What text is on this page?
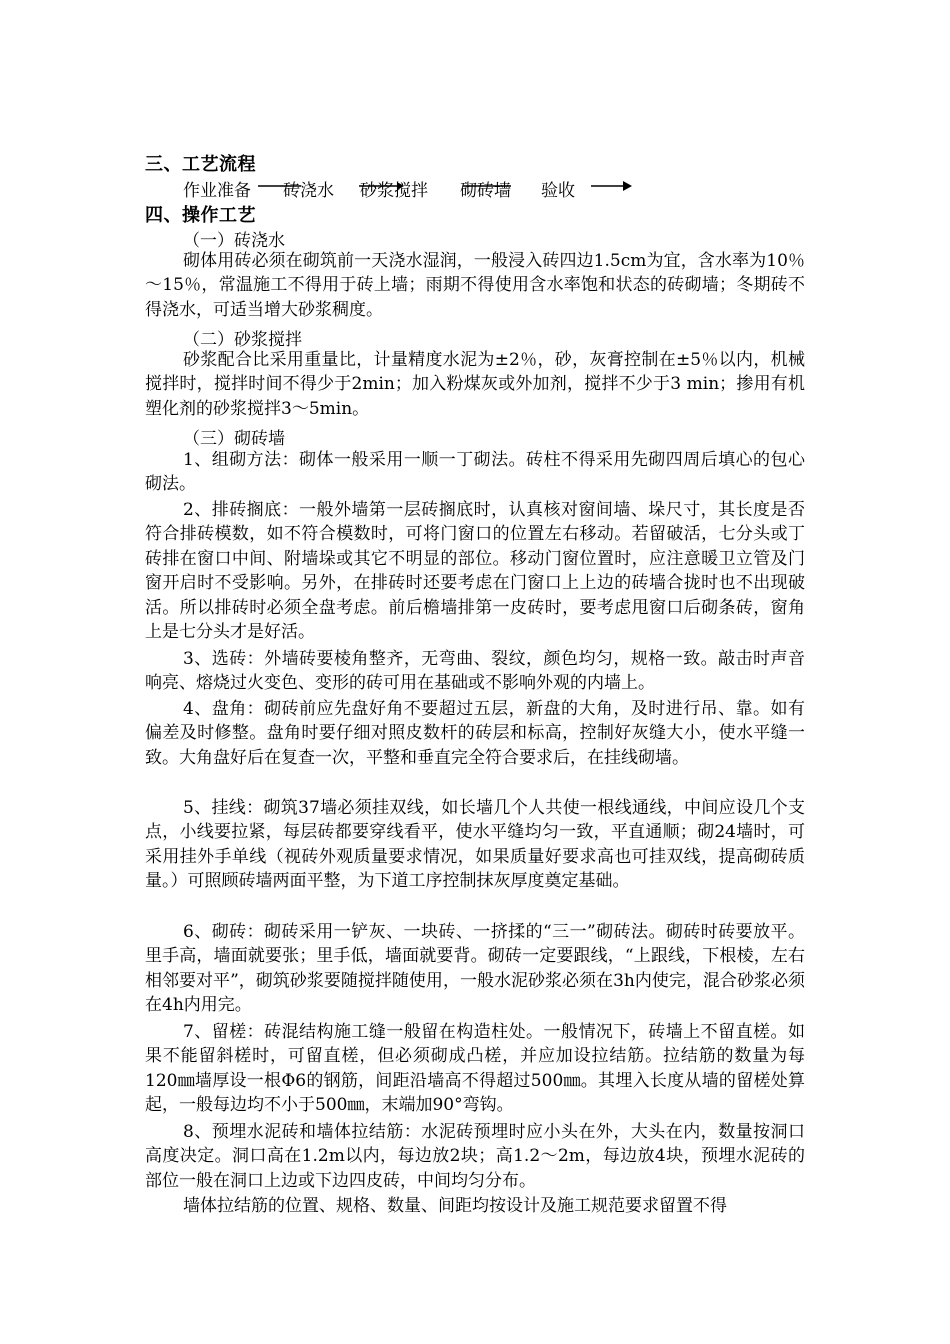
三、工艺流程
作业准备 砖浇水 砂浆搅拌 砌砖墙 验收
四、操作工艺
（一）砖浇水
砌体用砖必须在砌筑前一天浇水湿润，一般浸入砖四边1.5cm为宜，含水率为10％～15％，常温施工不得用于砖上墙；雨期不得使用含水率饱和状态的砖砌墙；冬期砖不得浇水，可适当增大砂浆稠度。
（二）砂浆搅拌
砂浆配合比采用重量比，计量精度水泥为±2％，砂，灰膏控制在±5％以内，机械搅拌时，搅拌时间不得少于2min；加入粉煤灰或外加剂，搅拌不少于3 min；掺用有机塑化剂的砂浆搅拌3～5min。
（三）砌砖墙
1、组砌方法：砌体一般采用一顺一丁砌法。砖柱不得采用先砌四周后填心的包心砌法。
2、排砖搁底：一般外墙第一层砖搁底时，认真核对窗间墙、垛尺寸，其长度是否符合排砖模数，如不符合模数时，可将门窗口的位置左右移动。若留破活，七分头或丁砖排在窗口中间、附墙垛或其它不明显的部位。移动门窗位置时，应注意暖卫立管及门窗开启时不受影响。另外，在排砖时还要考虑在门窗口上上边的砖墙合拢时也不出现破活。所以排砖时必须全盘考虑。前后檐墙排第一皮砖时，要考虑甩窗口后砌条砖，窗角上是七分头才是好活。
3、选砖：外墙砖要棱角整齐，无弯曲、裂纹，颜色均匀，规格一致。敲击时声音响亮、熔烧过火变色、变形的砖可用在基础或不影响外观的内墙上。
4、盘角：砌砖前应先盘好角不要超过五层，新盘的大角，及时进行吊、靠。如有偏差及时修整。盘角时要仔细对照皮数杆的砖层和标高，控制好灰缝大小，使水平缝一致。大角盘好后在复查一次，平整和垂直完全符合要求后，在挂线砌墙。
5、挂线：砌筑37墙必须挂双线，如长墙几个人共使一根线通线，中间应设几个支点，小线要拉紧，每层砖都要穿线看平，使水平缝均匀一致，平直通顺；砌24墙时，可采用挂外手单线（视砖外观质量要求情况，如果质量好要求高也可挂双线，提高砌砖质量。）可照顾砖墙两面平整，为下道工序控制抹灰厚度奠定基础。
6、砌砖：砌砖采用一铲灰、一块砖、一挤揉的“三一”砌砖法。砌砖时砖要放平。里手高，墙面就要张；里手低，墙面就要背。砌砖一定要跟线，“上跟线，下根棱，左右相邻要对平”，砌筑砂浆要随搅拌随使用，一般水泥砂浆必须在3h内使完，混合砂浆必须在4h内用完。
7、留槎：砖混结构施工缝一般留在构造柱处。一般情况下，砖墙上不留直槎。如果不能留斜槎时，可留直槎，但必须砌成凸槎，并应加设拉结筋。拉结筋的数量为每120㎜墙厚设一根Φ6的钢筋，间距沿墙高不得超过500㎜。其埋入长度从墙的留槎处算起，一般每边均不小于500㎜，末端加90°弯钩。
8、预埋水泥砖和墙体拉结筋：水泥砖预埋时应小头在外，大头在内，数量按洞口高度决定。洞口高在1.2m以内，每边放2块；高1.2～2m，每边放4块，预埋水泥砖的部位一般在洞口上边或下边四皮砖，中间均匀分布。
墙体拉结筋的位置、规格、数量、间距均按设计及施工规范要求留置不得
